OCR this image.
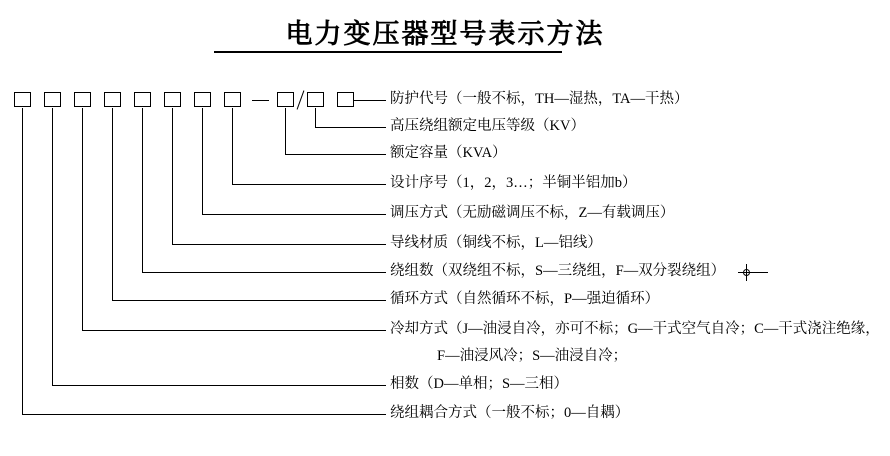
电力变压器型号表示方法
防护代号（一般不标，TH—湿热，TA—干热）
高压绕组额定电压等级（KV）
额定容量（KVA）
设计序号（1，2，3…；半铜半铝加b）
调压方式（无励磁调压不标，Z—有载调压）
导线材质（铜线不标，L—铝线）
绕组数（双绕组不标，S—三绕组，F—双分裂绕组）
循环方式（自然循环不标，P—强迫循环）
冷却方式（J—油浸自冷，亦可不标；G—干式空气自冷；C—干式浇注绝缘，
F—油浸风冷；S—油浸自冷；
相数（D—单相；S—三相）
绕组耦合方式（一般不标；0—自耦）
